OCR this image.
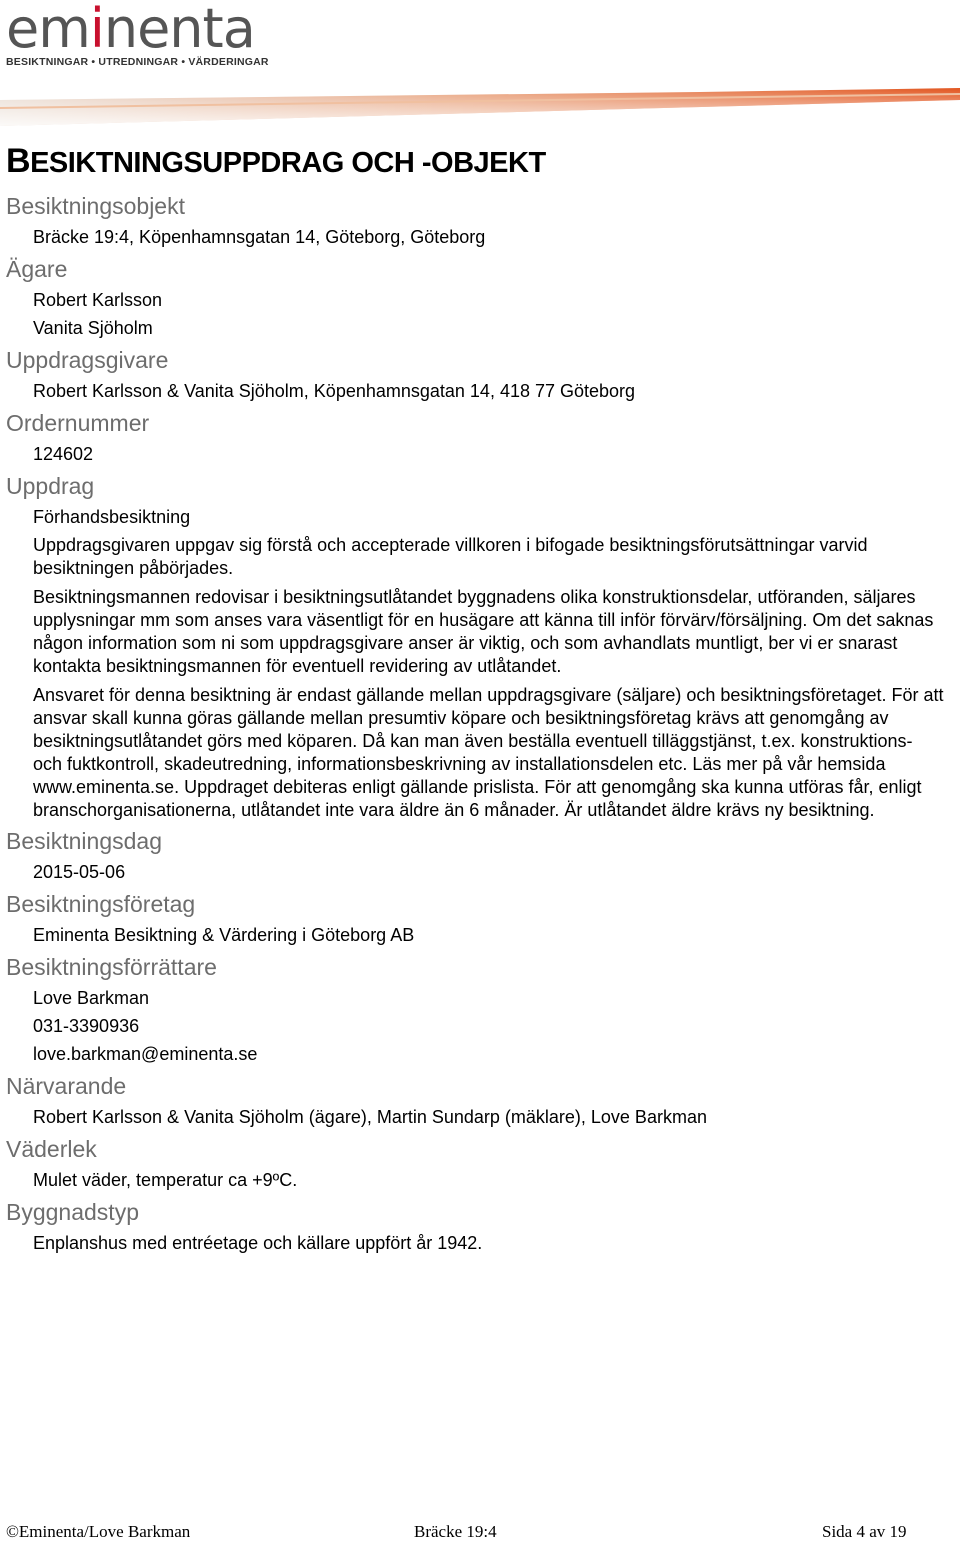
eminenta
BESIKTNINGAR • UTREDNINGAR • VÄRDERINGAR
BESIKTNINGSUPPDRAG OCH -OBJEKT
Besiktningsobjekt
Bräcke 19:4, Köpenhamnsgatan 14, Göteborg, Göteborg
Ägare
Robert Karlsson
Vanita Sjöholm
Uppdragsgivare
Robert Karlsson & Vanita Sjöholm, Köpenhamnsgatan 14, 418 77 Göteborg
Ordernummer
124602
Uppdrag
Förhandsbesiktning
Uppdragsgivaren uppgav sig förstå och accepterade villkoren i bifogade besiktningsförutsättningar varvid besiktningen påbörjades.
Besiktningsmannen redovisar i besiktningsutlåtandet byggnadens olika konstruktionsdelar, utföranden, säljares upplysningar mm som anses vara väsentligt för en husägare att känna till inför förvärv/försäljning. Om det saknas någon information som ni som uppdragsgivare anser är viktig, och som avhandlats muntligt, ber vi er snarast kontakta besiktningsmannen för eventuell revidering av utlåtandet.
Ansvaret för denna besiktning är endast gällande mellan uppdragsgivare (säljare) och besiktningsföretaget. För att ansvar skall kunna göras gällande mellan presumtiv köpare och besiktningsföretag krävs att genomgång av besiktningsutlåtandet görs med köparen. Då kan man även beställa eventuell tilläggstjänst, t.ex. konstruktions- och fuktkontroll, skadeutredning, informationsbeskrivning av installationsdelen etc. Läs mer på vår hemsida www.eminenta.se. Uppdraget debiteras enligt gällande prislista. För att genomgång ska kunna utföras får, enligt branschorganisationerna, utlåtandet inte vara äldre än 6 månader. Är utlåtandet äldre krävs ny besiktning.
Besiktningsdag
2015-05-06
Besiktningsföretag
Eminenta Besiktning & Värdering i Göteborg AB
Besiktningsförrättare
Love Barkman
031-3390936
love.barkman@eminenta.se
Närvarande
Robert Karlsson & Vanita Sjöholm (ägare), Martin Sundarp (mäklare), Love Barkman
Väderlek
Mulet väder, temperatur ca +9ºC.
Byggnadstyp
Enplanshus med entréetage och källare uppfört år 1942.
©Eminenta/Love Barkman	Bräcke 19:4	Sida 4 av 19
